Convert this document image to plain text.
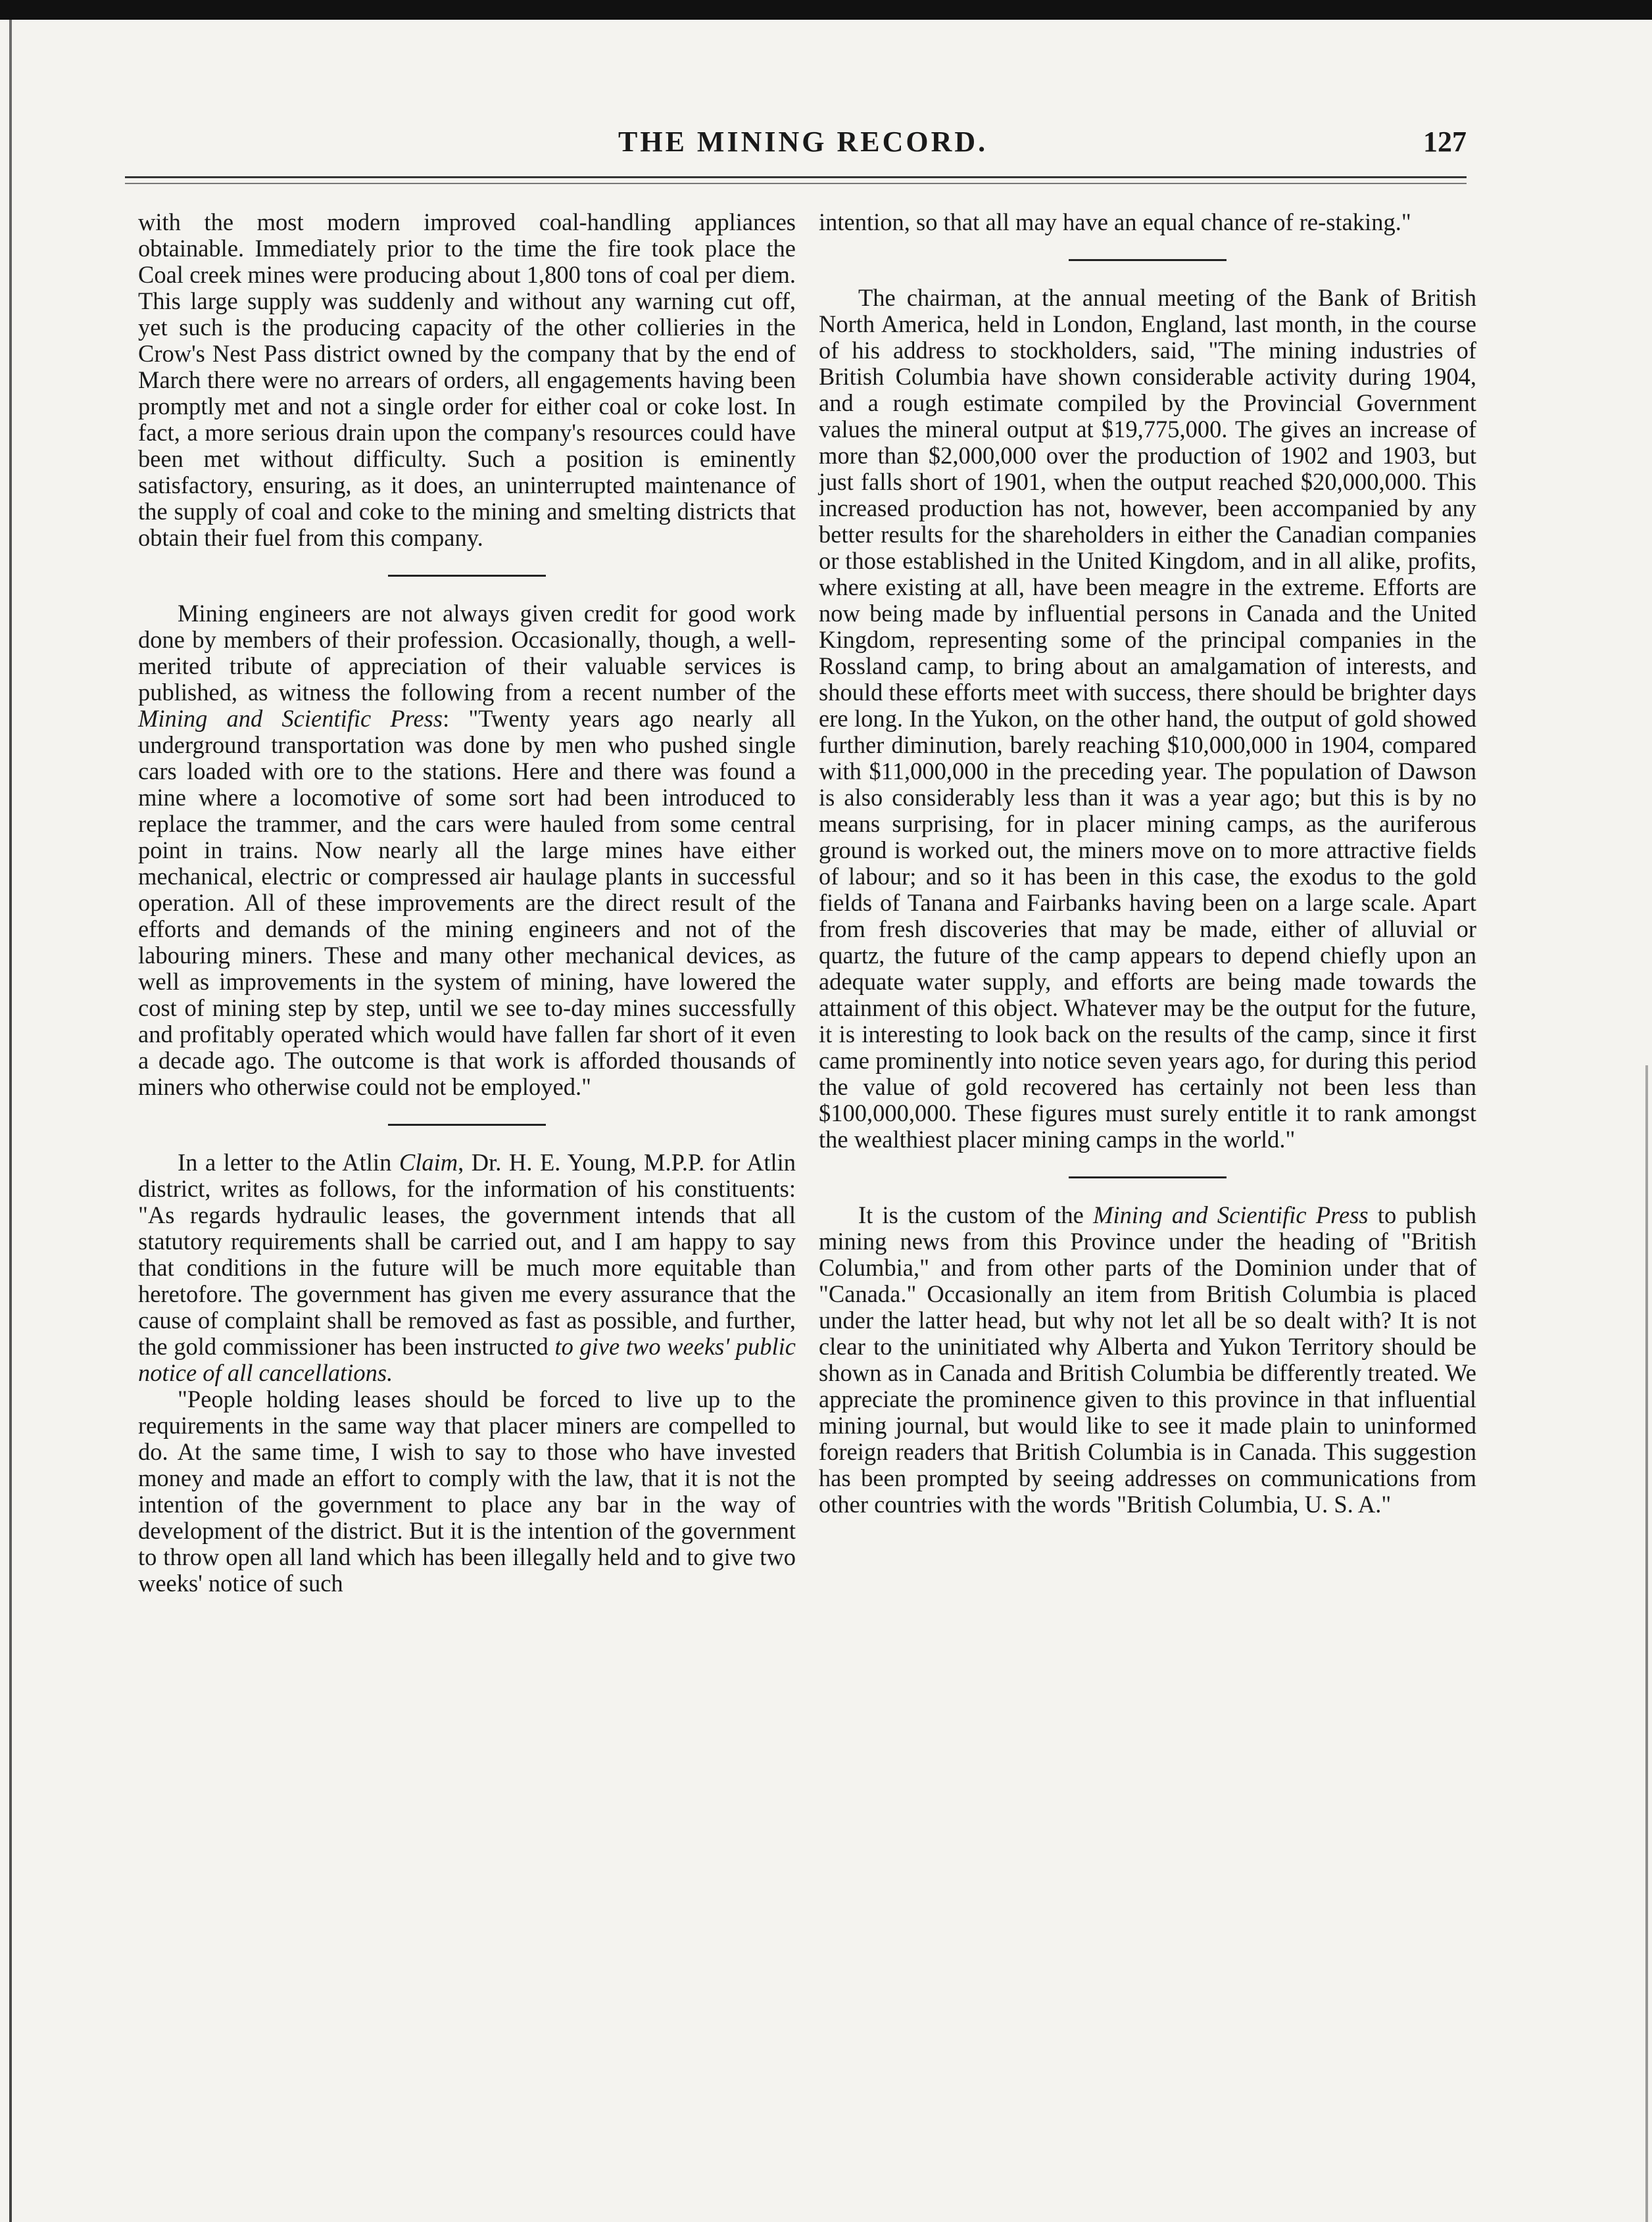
THE MINING RECORD.	127

with the most modern improved coal-handling appliances obtainable. Immediately prior to the time the fire took place the Coal creek mines were producing about 1,800 tons of coal per diem. This large supply was suddenly and without any warning cut off, yet such is the producing capacity of the other collieries in the Crow's Nest Pass district owned by the company that by the end of March there were no arrears of orders, all engagements having been promptly met and not a single order for either coal or coke lost. In fact, a more serious drain upon the company's resources could have been met without difficulty. Such a position is eminently satisfactory, ensuring, as it does, an uninterrupted maintenance of the supply of coal and coke to the mining and smelting districts that obtain their fuel from this company.

Mining engineers are not always given credit for good work done by members of their profession. Occasionally, though, a well-merited tribute of appreciation of their valuable services is published, as witness the following from a recent number of the Mining and Scientific Press: "Twenty years ago nearly all underground transportation was done by men who pushed single cars loaded with ore to the stations. Here and there was found a mine where a locomotive of some sort had been introduced to replace the trammer, and the cars were hauled from some central point in trains. Now nearly all the large mines have either mechanical, electric or compressed air haulage plants in successful operation. All of these improvements are the direct result of the efforts and demands of the mining engineers and not of the labouring miners. These and many other mechanical devices, as well as improvements in the system of mining, have lowered the cost of mining step by step, until we see to-day mines successfully and profitably operated which would have fallen far short of it even a decade ago. The outcome is that work is afforded thousands of miners who otherwise could not be employed."

In a letter to the Atlin Claim, Dr. H. E. Young, M.P.P. for Atlin district, writes as follows, for the information of his constituents: "As regards hydraulic leases, the government intends that all statutory requirements shall be carried out, and I am happy to say that conditions in the future will be much more equitable than heretofore. The government has given me every assurance that the cause of complaint shall be removed as fast as possible, and further, the gold commissioner has been instructed to give two weeks' public notice of all cancellations.

"People holding leases should be forced to live up to the requirements in the same way that placer miners are compelled to do. At the same time, I wish to say to those who have invested money and made an effort to comply with the law, that it is not the intention of the government to place any bar in the way of development of the district. But it is the intention of the government to throw open all land which has been illegally held and to give two weeks' notice of such

intention, so that all may have an equal chance of re-staking."

The chairman, at the annual meeting of the Bank of British North America, held in London, England, last month, in the course of his address to stockholders, said, "The mining industries of British Columbia have shown considerable activity during 1904, and a rough estimate compiled by the Provincial Government values the mineral output at $19,775,000. The gives an increase of more than $2,000,000 over the production of 1902 and 1903, but just falls short of 1901, when the output reached $20,000,000. This increased production has not, however, been accompanied by any better results for the shareholders in either the Canadian companies or those established in the United Kingdom, and in all alike, profits, where existing at all, have been meagre in the extreme. Efforts are now being made by influential persons in Canada and the United Kingdom, representing some of the principal companies in the Rossland camp, to bring about an amalgamation of interests, and should these efforts meet with success, there should be brighter days ere long. In the Yukon, on the other hand, the output of gold showed further diminution, barely reaching $10,000,000 in 1904, compared with $11,000,000 in the preceding year. The population of Dawson is also considerably less than it was a year ago; but this is by no means surprising, for in placer mining camps, as the auriferous ground is worked out, the miners move on to more attractive fields of labour; and so it has been in this case, the exodus to the gold fields of Tanana and Fairbanks having been on a large scale. Apart from fresh discoveries that may be made, either of alluvial or quartz, the future of the camp appears to depend chiefly upon an adequate water supply, and efforts are being made towards the attainment of this object. Whatever may be the output for the future, it is interesting to look back on the results of the camp, since it first came prominently into notice seven years ago, for during this period the value of gold recovered has certainly not been less than $100,000,000. These figures must surely entitle it to rank amongst the wealthiest placer mining camps in the world."

It is the custom of the Mining and Scientific Press to publish mining news from this Province under the heading of "British Columbia," and from other parts of the Dominion under that of "Canada." Occasionally an item from British Columbia is placed under the latter head, but why not let all be so dealt with? It is not clear to the uninitiated why Alberta and Yukon Territory should be shown as in Canada and British Columbia be differently treated. We appreciate the prominence given to this province in that influential mining journal, but would like to see it made plain to uninformed foreign readers that British Columbia is in Canada. This suggestion has been prompted by seeing addresses on communications from other countries with the words "British Columbia, U. S. A."
